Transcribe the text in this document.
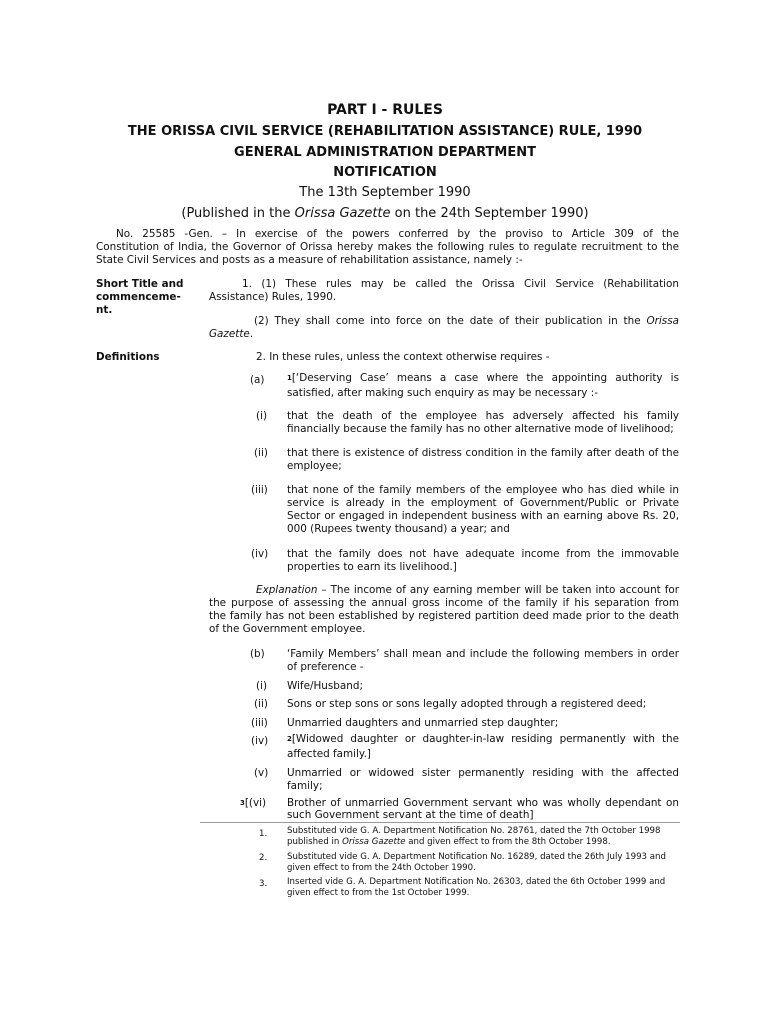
PART I - RULES
THE ORISSA CIVIL SERVICE (REHABILITATION ASSISTANCE) RULE, 1990
GENERAL ADMINISTRATION DEPARTMENT
NOTIFICATION
The 13th September 1990
(Published in the Orissa Gazette on the 24th September 1990)
No. 25585 -Gen. – In exercise of the powers conferred by the proviso to Article 309 of the
Constitution of India, the Governor of Orissa hereby makes the following rules to regulate recruitment to the
State Civil Services and posts as a measure of rehabilitation assistance, namely :-
Short Title and
commenceme-
nt.
1. (1) These rules may be called the Orissa Civil Service (Rehabilitation
Assistance) Rules, 1990.
(2) They shall come into force on the date of their publication in the Orissa
Gazette.
Definitions	2. In these rules, unless the context otherwise requires -
(a)	$^1$[‘Deserving Case’ means a case where the appointing authority is
satisfied, after making such enquiry as may be necessary :-
(i) that the death of the employee has adversely affected his family
financially because the family has no other alternative mode of livelihood;
(ii) that there is existence of distress condition in the family after death of the
employee;
(iii) that none of the family members of the employee who has died while in
service is already in the employment of Government/Public or Private
Sector or engaged in independent business with an earning above Rs. 20,
000 (Rupees twenty thousand) a year; and
(iv) that the family does not have adequate income from the immovable
properties to earn its livelihood.]
Explanation – The income of any earning member will be taken into account for
the purpose of assessing the annual gross income of the family if his separation from
the family has not been established by registered partition deed made prior to the death
of the Government employee.
(b) ‘Family Members’ shall mean and include the following members in order
of preference -
(i) Wife/Husband;
(ii) Sons or step sons or sons legally adopted through a registered deed;
(iii) Unmarried daughters and unmarried step daughter;
(iv)	$^2$[Widowed daughter or daughter-in-law residing permanently with the
affected family.]
(v) Unmarried or widowed sister permanently residing with the affected
family;
$^3$[(vi) Brother of unmarried Government servant who was wholly dependant on
such Government servant at the time of death]
1. Substituted vide G. A. Department Notification No. 28761, dated the 7th October 1998
published in Orissa Gazette and given effect to from the 8th October 1998.
2. Substituted vide G. A. Department Notification No. 16289, dated the 26th July 1993 and
given effect to from the 24th October 1990.
3. Inserted vide G. A. Department Notification No. 26303, dated the 6th October 1999 and
given effect to from the 1st October 1999.
